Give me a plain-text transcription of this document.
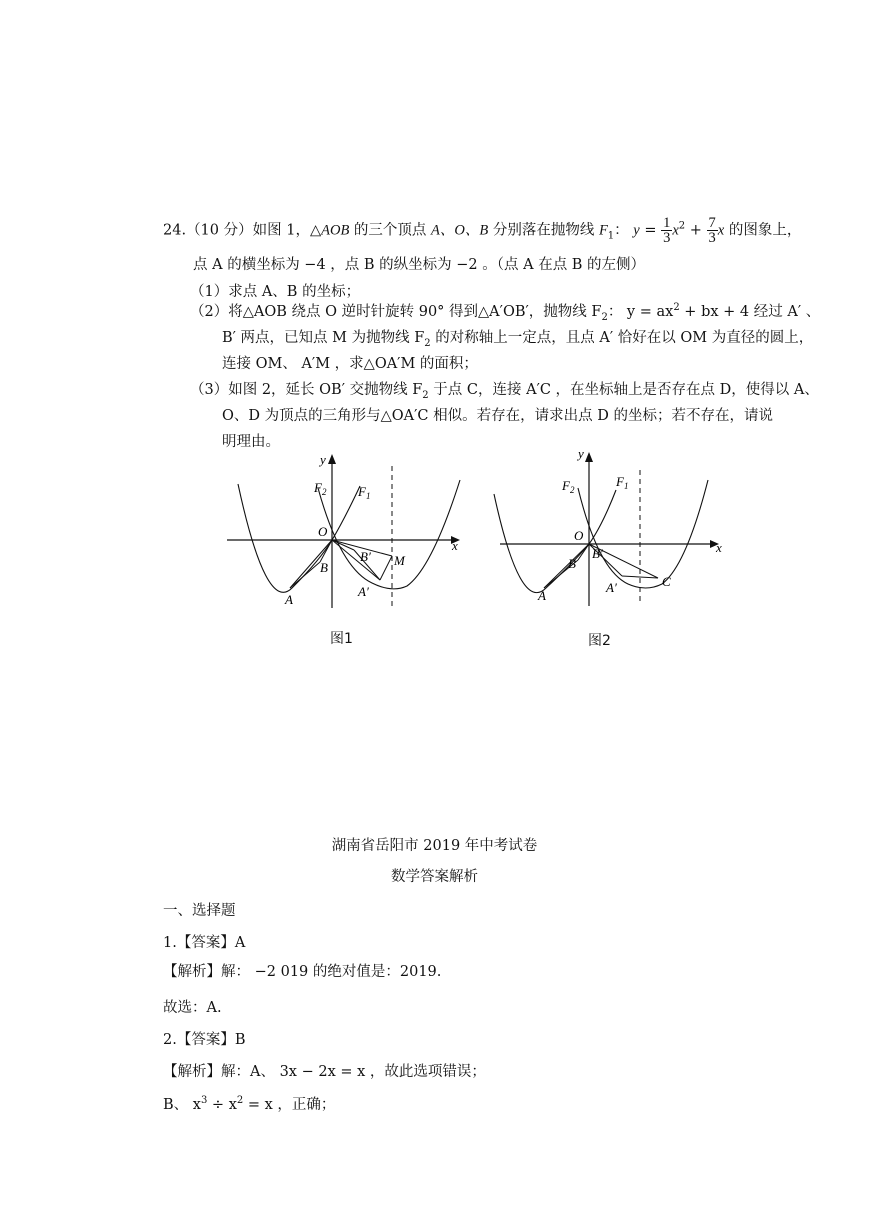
24.（10 分）如图 1，△AOB 的三个顶点 A、O、B 分别落在抛物线 $F_1$： $y = \frac{1}{3} x^2 + \frac{7}{3}$ x 的图象上，
点 A 的横坐标为 −4 ，点 B 的纵坐标为 −2 。（点 A 在点 B 的左侧）
（1）求点 A、B 的坐标；
（2）将△AOB 绕点 O 逆时针旋转 90° 得到△A′OB′，抛物线 $F_2$： $y = ax^2$ + bx + 4 经过 A′ 、
B′ 两点，已知点 M 为抛物线 $F_2$ 的对称轴上一定点，且点 A′ 恰好在以 OM 为直径的圆上，
连接 OM、 A′M ，求△OA′M 的面积；
（3）如图 2，延长 OB′ 交抛物线 $F_2$ 于点 C，连接 A′C ，在坐标轴上是否存在点 D，使得以 A、
O、D 为顶点的三角形与△OA′C 相似。若存在，请求出点 D 的坐标；若不存在，请说
明理由。
y
x
O
$F_2$ $F_1$
A
B
B′
A′
M
图1
y
x
O
$F_2$
$F_1$
A
B
B′
A′	C
图2
湖南省岳阳市 2019 年中考试卷
数学答案解析
一、选择题
1.【答案】A
【解析】解： −2 019 的绝对值是：2019.
故选：A.
2.【答案】B
【解析】解：A、 3x − 2x = x ，故此选项错误；
B、 $x^3 \div x^2 = x$ ，正确；
